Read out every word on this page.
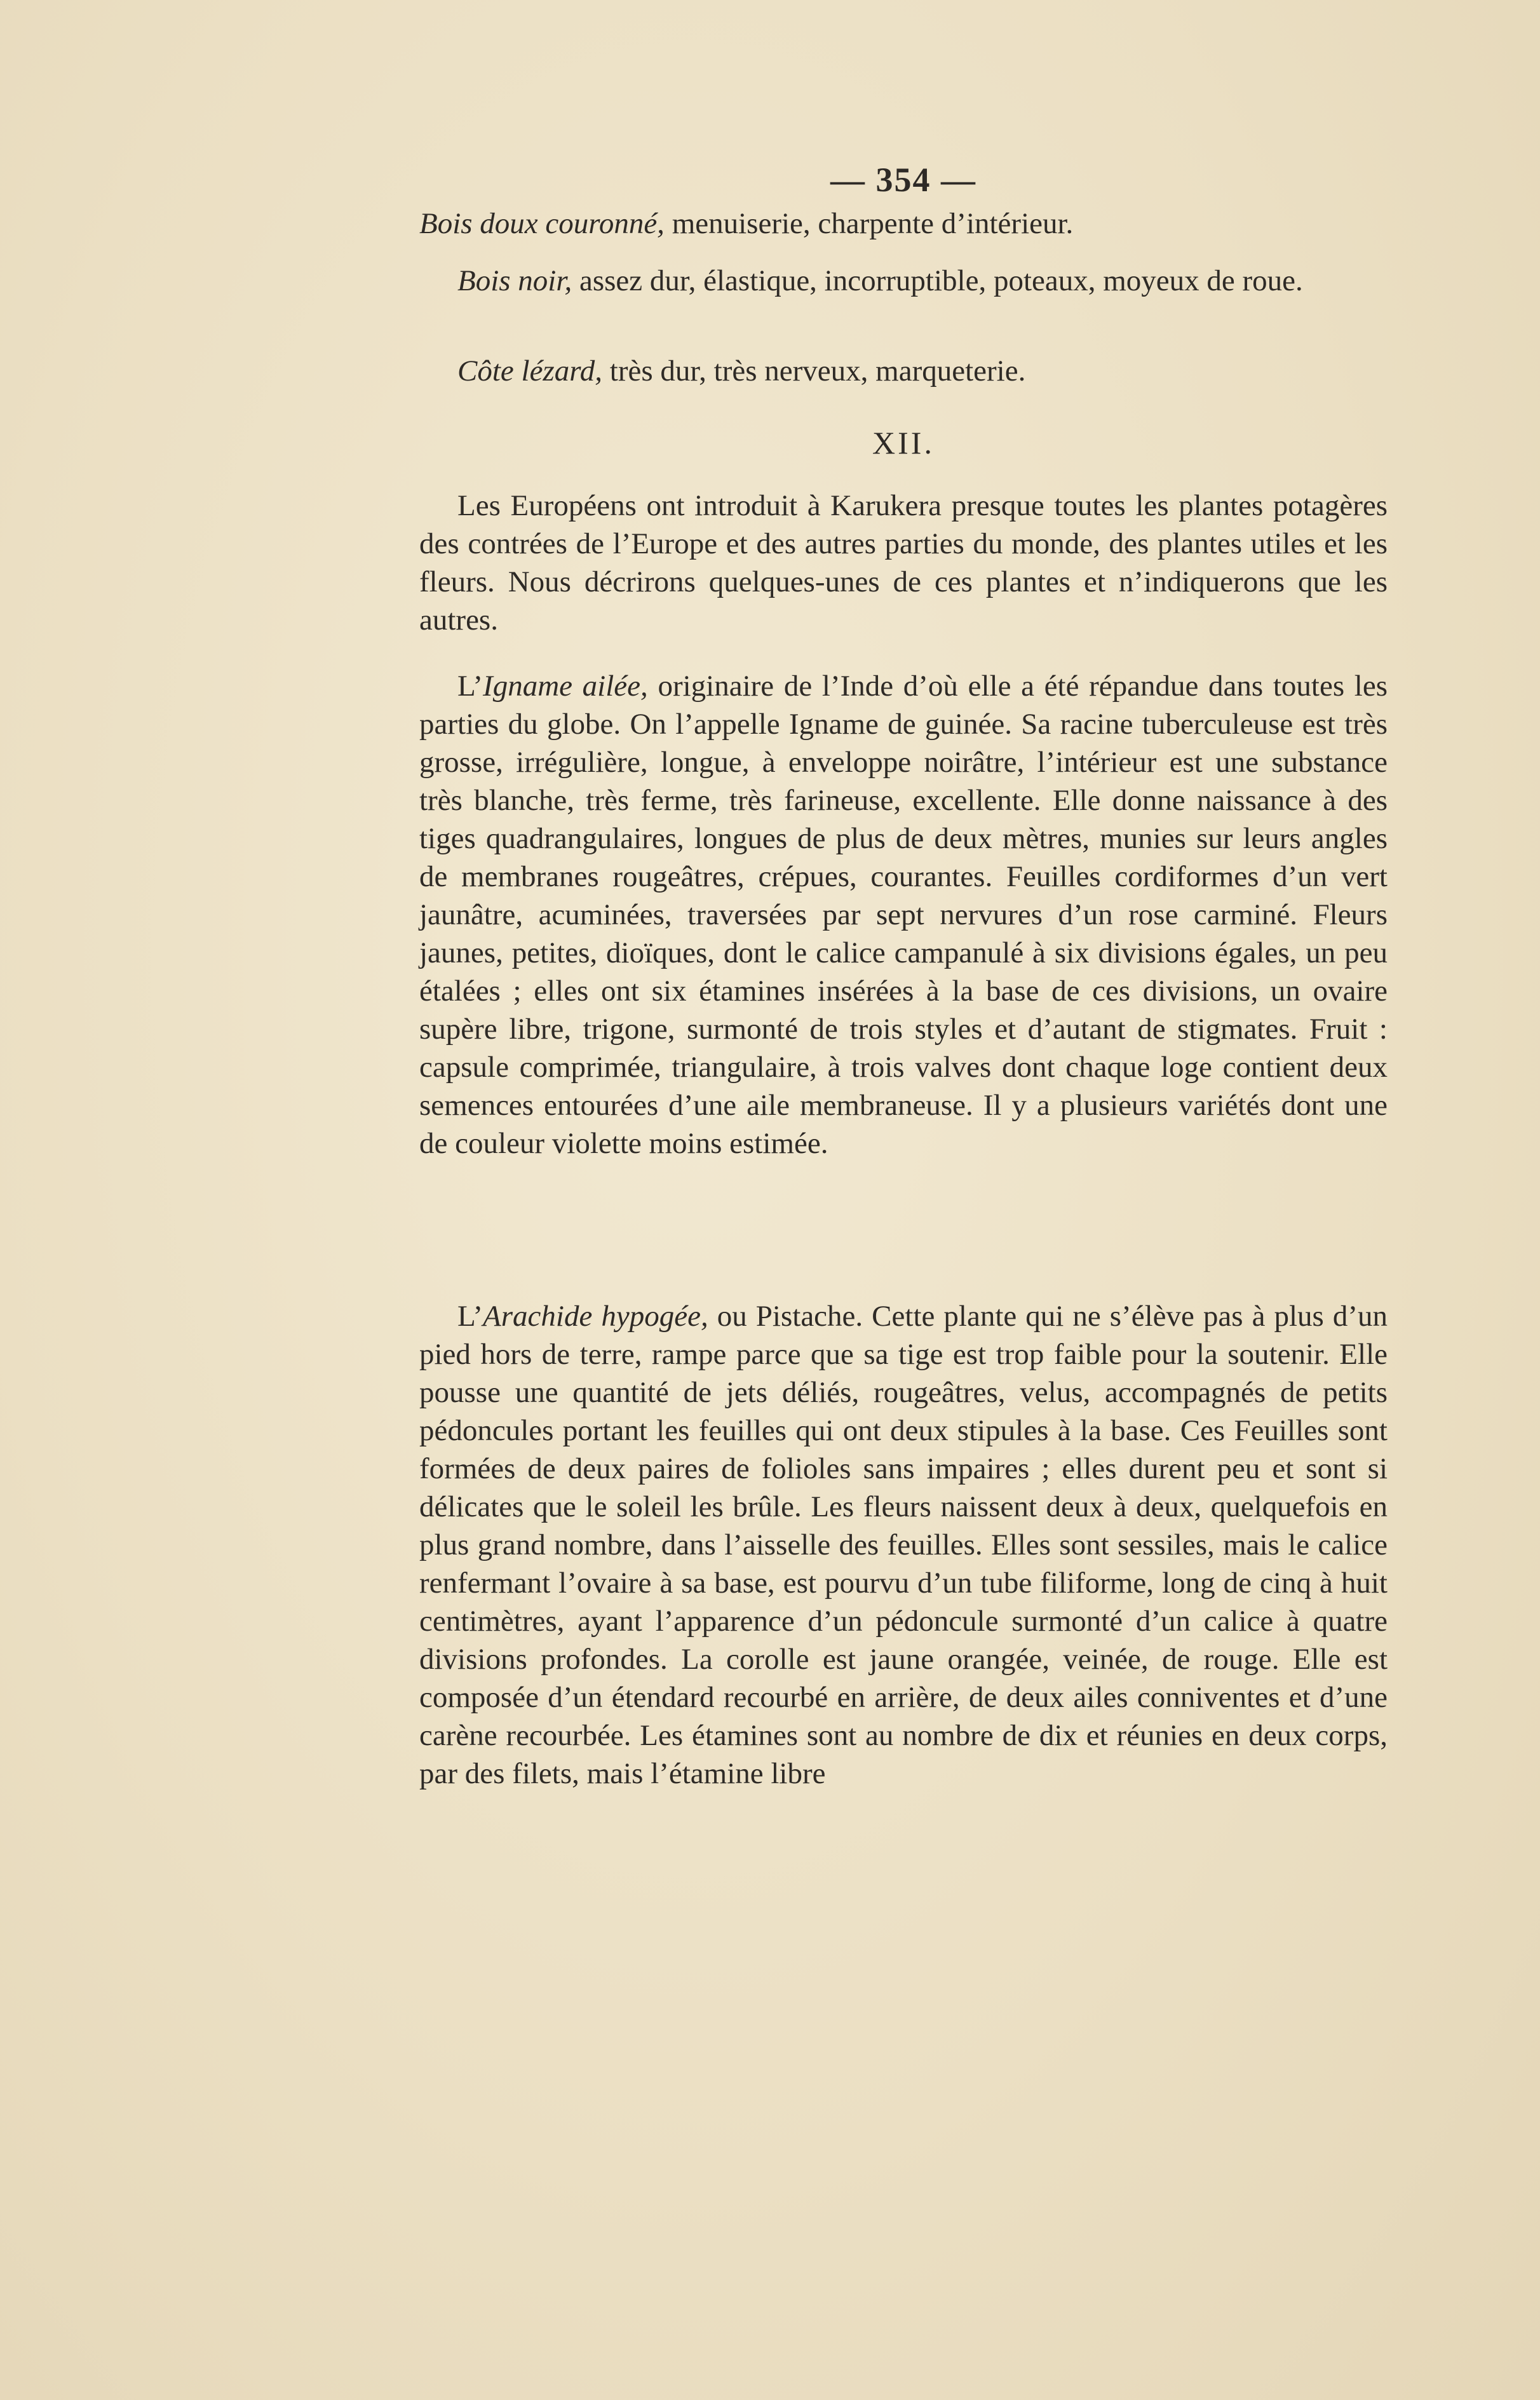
— 354 —
Bois doux couronné, menuiserie, charpente d’intérieur.
Bois noir, assez dur, élastique, incorruptible, poteaux, moyeux de roue.
Côte lézard, très dur, très nerveux, marqueterie.
XII.
Les Européens ont introduit à Karukera presque toutes les plantes potagères des contrées de l’Europe et des autres parties du monde, des plantes utiles et les fleurs. Nous décrirons quelques-unes de ces plantes et n’indiquerons que les autres.
L’Igname ailée, originaire de l’Inde d’où elle a été répandue dans toutes les parties du globe. On l’appelle Igname de guinée. Sa racine tuberculeuse est très grosse, irrégulière, longue, à enveloppe noirâtre, l’intérieur est une substance très blanche, très ferme, très farineuse, excellente. Elle donne naissance à des tiges quadrangulaires, longues de plus de deux mètres, munies sur leurs angles de membranes rougeâtres, crépues, courantes. Feuilles cordiformes d’un vert jaunâtre, acuminées, traversées par sept nervures d’un rose carminé. Fleurs jaunes, petites, dioïques, dont le calice campanulé à six divisions égales, un peu étalées ; elles ont six étamines insérées à la base de ces divisions, un ovaire supère libre, trigone, surmonté de trois styles et d’autant de stigmates. Fruit : capsule comprimée, triangulaire, à trois valves dont chaque loge contient deux semences entourées d’une aile membraneuse. Il y a plusieurs variétés dont une de couleur violette moins estimée.
L’Arachide hypogée, ou Pistache. Cette plante qui ne s’élève pas à plus d’un pied hors de terre, rampe parce que sa tige est trop faible pour la soutenir. Elle pousse une quantité de jets déliés, rougeâtres, velus, accompagnés de petits pédoncules portant les feuilles qui ont deux stipules à la base. Ces Feuilles sont formées de deux paires de folioles sans impaires ; elles durent peu et sont si délicates que le soleil les brûle. Les fleurs naissent deux à deux, quelquefois en plus grand nombre, dans l’aisselle des feuilles. Elles sont sessiles, mais le calice renfermant l’ovaire à sa base, est pourvu d’un tube filiforme, long de cinq à huit centimètres, ayant l’apparence d’un pédoncule surmonté d’un calice à quatre divisions profondes. La corolle est jaune orangée, veinée, de rouge. Elle est composée d’un étendard recourbé en arrière, de deux ailes conniventes et d’une carène recourbée. Les étamines sont au nombre de dix et réunies en deux corps, par des filets, mais l’étamine libre
